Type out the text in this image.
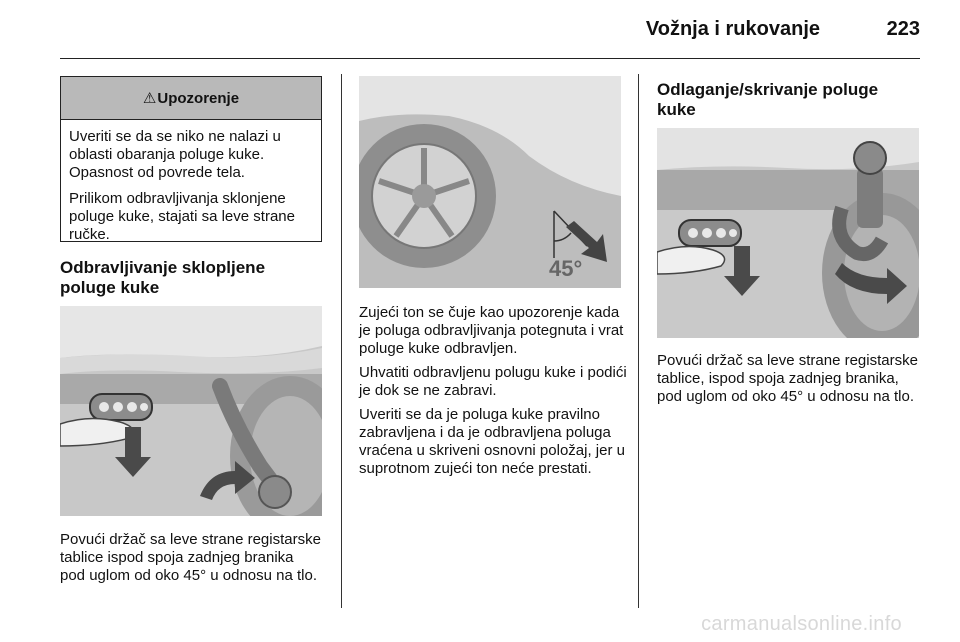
Vožnja i rukovanje	223
⚠ Upozorenje

Uveriti se da se niko ne nalazi u oblasti obaranja poluge kuke. Opasnost od povrede tela.

Prilikom odbravljivanja sklonjene poluge kuke, stajati sa leve strane ručke.

Odbravljivanje sklopljene poluge kuke

Povući držač sa leve strane registarske tablice ispod spoja zadnjeg branika pod uglom od oko 45° u odnosu na tlo.

45°

Zujeći ton se čuje kao upozorenje kada je poluga odbravljivanja potegnuta i vrat poluge kuke odbravljen.

Uhvatiti odbravljenu polugu kuke i podići je dok se ne zabravi.

Uveriti se da je poluga kuke pravilno zabravljena i da je odbravljena poluga vraćena u skriveni osnovni položaj, jer u suprotnom zujeći ton neće prestati.

Odlaganje/skrivanje poluge kuke

Povući držač sa leve strane registarske tablice, ispod spoja zadnjeg branika, pod uglom od oko 45° u odnosu na tlo.

carmanualsonline.info
